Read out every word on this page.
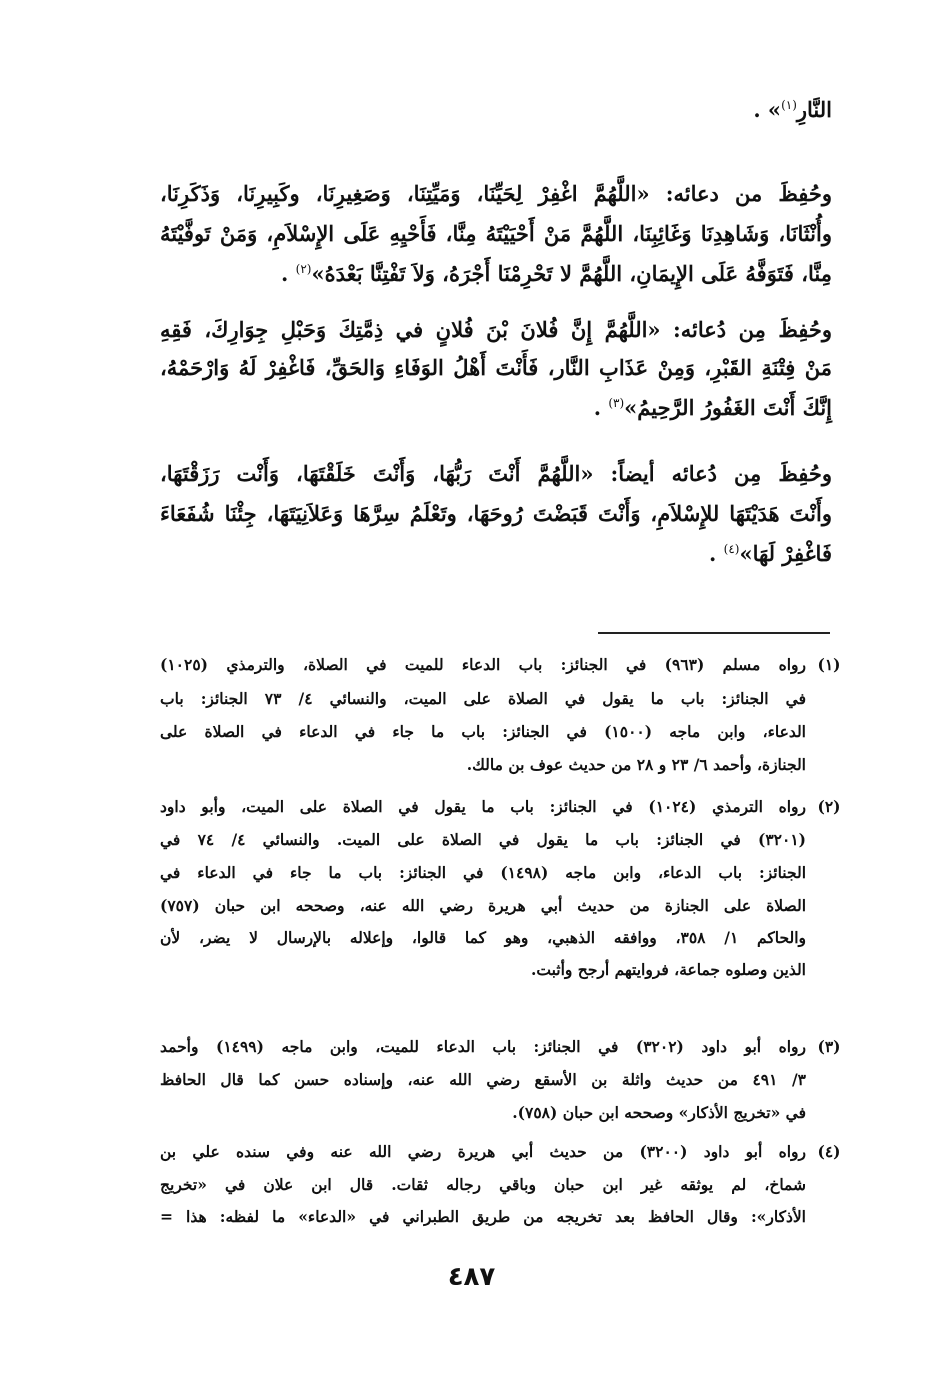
النَّارِ$^{(١)}$» .
وحُفِظَ من دعائه: «اللَّهُمَّ اغْفِرْ لِحَيِّنَا، وَمَيِّتِنَا، وَصَغِيرِنَا، وكَبِيرِنَا، وَذَكَرِنَا،
وأُنْثَانَا، وَشَاهِدِنَا وَغَائِبِنَا، اللَّهُمَّ مَنْ أَحْيَيْتَهُ مِنَّا، فَأَحْيِهِ عَلَى الإِسْلاَمِ، وَمَنْ تَوفَّيْتَهُ
مِنَّا، فَتَوَفَّهُ عَلَى الإِيمَانِ، اللَّهُمَّ لا تَحْرِمْنَا أَجْرَهُ، وَلاَ تَفْتِنَّا بَعْدَهُ»$^{(٢)}$ .
وحُفِظَ مِن دُعائه: «اللَّهُمَّ إِنَّ فُلانَ بْنَ فُلانٍ في ذِمَّتِكَ وَحَبْلِ جِوَارِكَ، فَقِهِ
مَنْ فِتْنَةِ القَبْرِ، وَمِنْ عَذَابِ النَّار، فَأَنْتَ أَهْلُ الوَفَاءِ وَالحَقِّ، فَاغْفِرْ لَهُ وَارْحَمْهُ،
إِنَّكَ أَنْتَ الغَفُورُ الرَّحِيمُ»$^{(٣)}$ .
وحُفِظَ مِن دُعائه أيضاً: «اللَّهُمَّ أَنْتَ رَبُّهَا، وَأَنْتَ خَلَقْتَهَا، وَأَنْت رَزَقْتَهَا،
وأَنْتَ هَدَيْتَهَا للإِسْلاَمِ، وَأَنْتَ قَبَضْتَ رُوحَهَا، وتَعْلَمُ سِرَّهَا وَعَلاَنِيَتَهَا، جِئْنَا شُفَعَاءَ
فَاغْفِرْ لَهَا»$^{(٤)}$ .
(١)
رواه مسلم (٩٦٣) في الجنائز: باب الدعاء للميت في الصلاة، والترمذي (١٠٢٥)
في الجنائز: باب ما يقول في الصلاة على الميت، والنسائي ٤/ ٧٣ الجنائز: باب
الدعاء، وابن ماجه (١٥٠٠) في الجنائز: باب ما جاء في الدعاء في الصلاة على
الجنازة، وأحمد ٦/ ٢٣ و ٢٨ من حديث عوف بن مالك.
(٢)
رواه الترمذي (١٠٢٤) في الجنائز: باب ما يقول في الصلاة على الميت، وأبو داود
(٣٢٠١) في الجنائز: باب ما يقول في الصلاة على الميت. والنسائي ٤/ ٧٤ في
الجنائز: باب الدعاء، وابن ماجه (١٤٩٨) في الجنائز: باب ما جاء في الدعاء في
الصلاة على الجنازة من حديث أبي هريرة رضي الله عنه، وصححه ابن حبان (٧٥٧)
والحاكم ١/ ٣٥٨، ووافقه الذهبي، وهو كما قالوا، وإعلاله بالإرسال لا يضر، لأن
الذين وصلوه جماعة، فروايتهم أرجح وأثبت.
(٣)
رواه أبو داود (٣٢٠٢) في الجنائز: باب الدعاء للميت، وابن ماجه (١٤٩٩) وأحمد
٣/ ٤٩١ من حديث واثلة بن الأسقع رضي الله عنه، وإسناده حسن كما قال الحافظ
في «تخريج الأذكار» وصححه ابن حبان (٧٥٨).
(٤)
رواه أبو داود (٣٢٠٠) من حديث أبي هريرة رضي الله عنه وفي سنده علي بن
شماخ، لم يوثقه غير ابن حبان وباقي رجاله ثقات. قال ابن علان في «تخريج
الأذكار»: وقال الحافظ بعد تخريجه من طريق الطبراني في «الدعاء» ما لفظه: هذا =
٤٨٧
